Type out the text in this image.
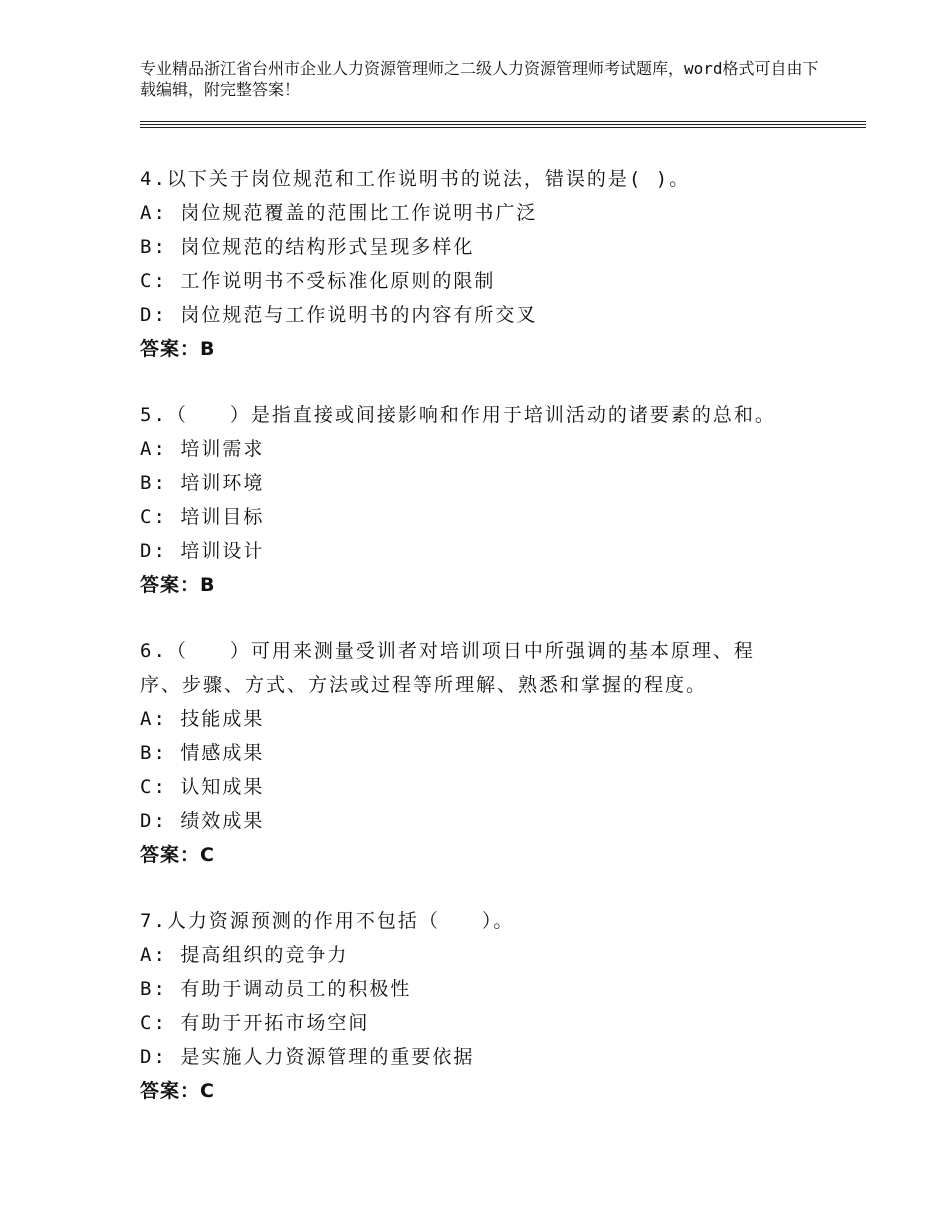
专业精品浙江省台州市企业人力资源管理师之二级人力资源管理师考试题库，word格式可自由下载编辑，附完整答案！
4.以下关于岗位规范和工作说明书的说法，错误的是( )。
A: 岗位规范覆盖的范围比工作说明书广泛
B: 岗位规范的结构形式呈现多样化
C: 工作说明书不受标准化原则的限制
D: 岗位规范与工作说明书的内容有所交叉
答案：B
5.（　　）是指直接或间接影响和作用于培训活动的诸要素的总和。
A: 培训需求
B: 培训环境
C: 培训目标
D: 培训设计
答案：B
6.（　　）可用来测量受训者对培训项日中所强调的基本原理、程序、步骤、方式、方法或过程等所理解、熟悉和掌握的程度。
A: 技能成果
B: 情感成果
C: 认知成果
D: 绩效成果
答案：C
7.人力资源预测的作用不包括（　　）。
A: 提高组织的竞争力
B: 有助于调动员工的积极性
C: 有助于开拓市场空间
D: 是实施人力资源管理的重要依据
答案：C
